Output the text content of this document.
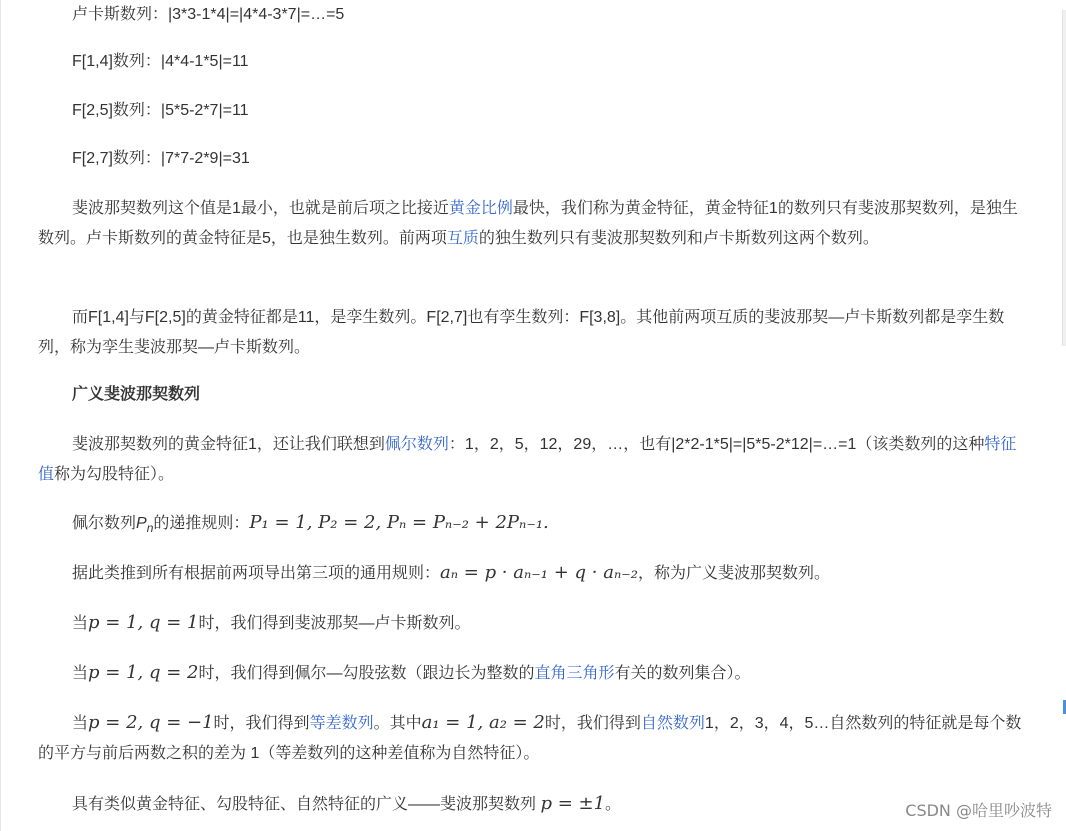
卢卡斯数列：|3*3-1*4|=|4*4-3*7|=…=5

F[1,4]数列：|4*4-1*5|=11

F[2,5]数列：|5*5-2*7|=11

F[2,7]数列：|7*7-2*9|=31

斐波那契数列这个值是1最小，也就是前后项之比接近黄金比例最快，我们称为黄金特征，黄金特征1的数列只有斐波那契数列，是独生数列。卢卡斯数列的黄金特征是5，也是独生数列。前两项互质的独生数列只有斐波那契数列和卢卡斯数列这两个数列。

而F[1,4]与F[2,5]的黄金特征都是11，是孪生数列。F[2,7]也有孪生数列：F[3,8]。其他前两项互质的斐波那契—卢卡斯数列都是孪生数列，称为孪生斐波那契—卢卡斯数列。

广义斐波那契数列

斐波那契数列的黄金特征1，还让我们联想到佩尔数列：1，2，5，12，29，…，也有|2*2-1*5|=|5*5-2*12|=…=1（该类数列的这种特征值称为勾股特征）。

佩尔数列$P_n$的递推规则：P₁ = 1, P₂ = 2, Pₙ = Pₙ₋₂ + 2Pₙ₋₁.

据此类推到所有根据前两项导出第三项的通用规则：aₙ = p · aₙ₋₁ + q · aₙ₋₂，称为广义斐波那契数列。

当p = 1, q = 1时，我们得到斐波那契—卢卡斯数列。

当p = 1, q = 2时，我们得到佩尔—勾股弦数（跟边长为整数的直角三角形有关的数列集合）。

当p = 2, q = −1时，我们得到等差数列。其中a₁ = 1, a₂ = 2时，我们得到自然数列1，2，3，4，5…自然数列的特征就是每个数的平方与前后两数之积的差为 1（等差数列的这种差值称为自然特征）。

具有类似黄金特征、勾股特征、自然特征的广义——斐波那契数列 p = ±1。	CSDN @哈里吵波特
